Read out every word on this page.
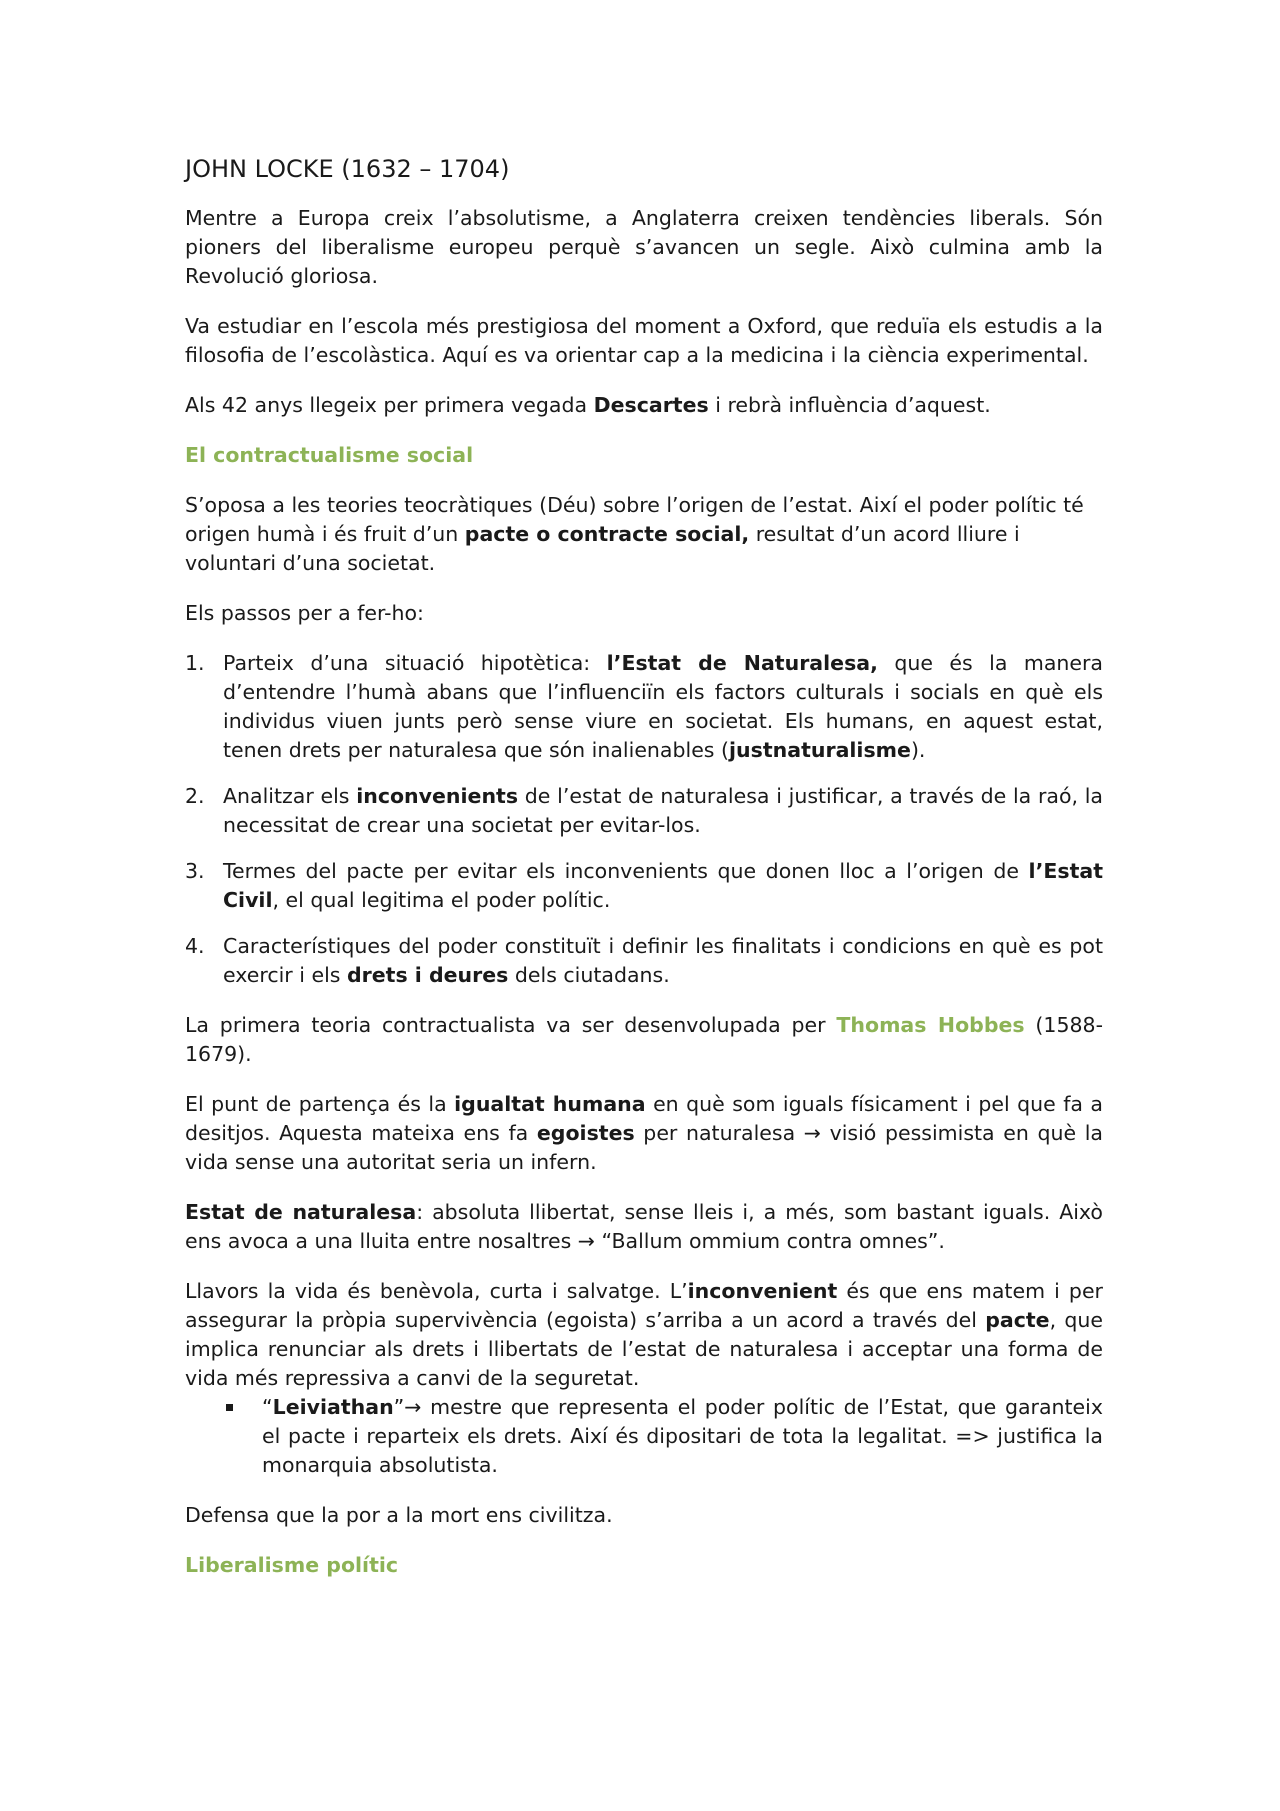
JOHN LOCKE (1632 – 1704)

Mentre a Europa creix l’absolutisme, a Anglaterra creixen tendències liberals. Són pioners del liberalisme europeu perquè s’avancen un segle. Això culmina amb la Revolució gloriosa.

Va estudiar en l’escola més prestigiosa del moment a Oxford, que reduïa els estudis a la filosofia de l’escolàstica. Aquí es va orientar cap a la medicina i la ciència experimental.

Als 42 anys llegeix per primera vegada Descartes i rebrà influència d’aquest.

El contractualisme social

S’oposa a les teories teocràtiques (Déu) sobre l’origen de l’estat. Així el poder polític té origen humà i és fruit d’un pacte o contracte social, resultat d’un acord lliure i voluntari d’una societat.

Els passos per a fer-ho:

1. Parteix d’una situació hipotètica: l’Estat de Naturalesa, que és la manera d’entendre l’humà abans que l’influenciïn els factors culturals i socials en què els individus viuen junts però sense viure en societat. Els humans, en aquest estat, tenen drets per naturalesa que són inalienables (justnaturalisme).
2. Analitzar els inconvenients de l’estat de naturalesa i justificar, a través de la raó, la necessitat de crear una societat per evitar-los.
3. Termes del pacte per evitar els inconvenients que donen lloc a l’origen de l’Estat Civil, el qual legitima el poder polític.
4. Característiques del poder constituït i definir les finalitats i condicions en què es pot exercir i els drets i deures dels ciutadans.

La primera teoria contractualista va ser desenvolupada per Thomas Hobbes (1588-1679).

El punt de partença és la igualtat humana en què som iguals físicament i pel que fa a desitjos. Aquesta mateixa ens fa egoistes per naturalesa → visió pessimista en què la vida sense una autoritat seria un infern.

Estat de naturalesa: absoluta llibertat, sense lleis i, a més, som bastant iguals. Això ens avoca a una lluita entre nosaltres → “Ballum ommium contra omnes”.

Llavors la vida és benèvola, curta i salvatge. L’inconvenient és que ens matem i per assegurar la pròpia supervivència (egoista) s’arriba a un acord a través del pacte, que implica renunciar als drets i llibertats de l’estat de naturalesa i acceptar una forma de vida més repressiva a canvi de la seguretat.

“Leiviathan”→ mestre que representa el poder polític de l’Estat, que garanteix el pacte i reparteix els drets. Així és dipositari de tota la legalitat. => justifica la monarquia absolutista.

Defensa que la por a la mort ens civilitza.

Liberalisme polític
